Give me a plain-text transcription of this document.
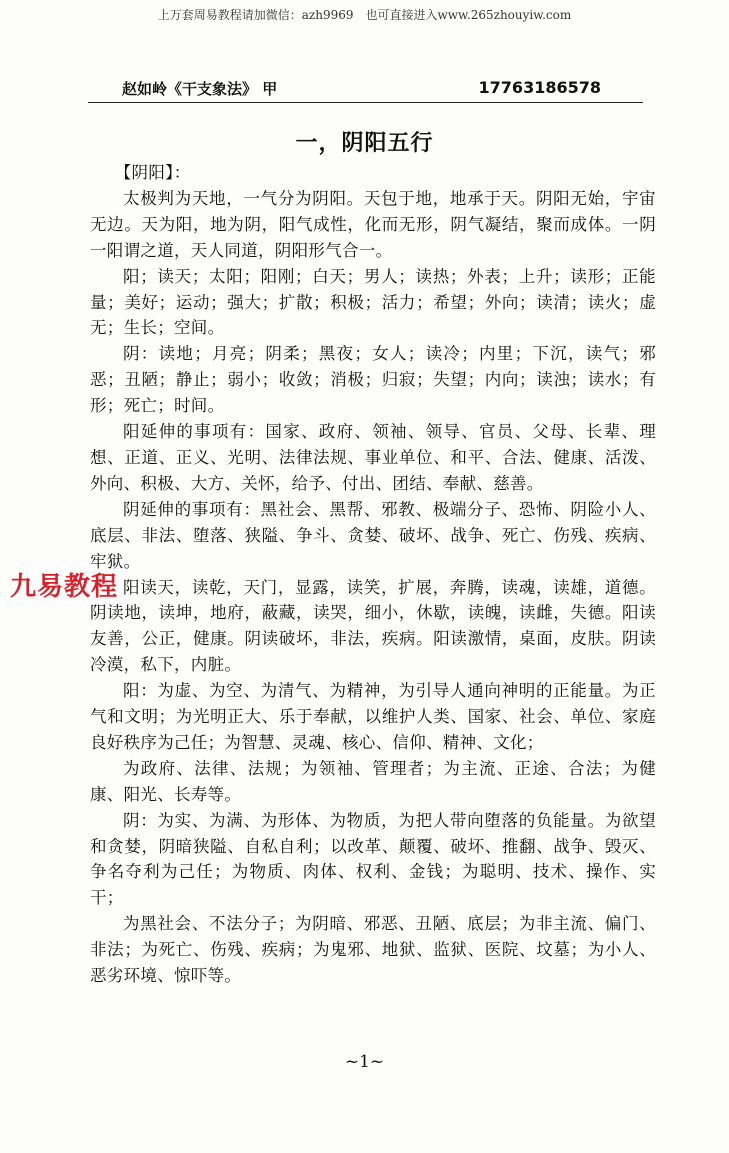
上万套周易教程请加微信：azh9969　也可直接进入www.265zhouyiw.com
赵如岭《干支象法》 甲	17763186578
一，阴阳五行

【阴阳】：

太极判为天地，一气分为阴阳。天包于地，地承于天。阴阳无始，宇宙无边。天为阳，地为阴，阳气成性，化而无形，阴气凝结，聚而成体。一阴一阳谓之道，天人同道，阴阳形气合一。

阳；读天；太阳；阳刚；白天；男人；读热；外表；上升；读形；正能量；美好；运动；强大；扩散；积极；活力；希望；外向；读清；读火；虚无；生长；空间。

阴：读地；月亮；阴柔；黑夜；女人；读冷；内里；下沉，读气；邪恶；丑陋；静止；弱小；收敛；消极；归寂；失望；内向；读浊；读水；有形；死亡；时间。

阳延伸的事项有：国家、政府、领袖、领导、官员、父母、长辈、理想、正道、正义、光明、法律法规、事业单位、和平、合法、健康、活泼、外向、积极、大方、关怀，给予、付出、团结、奉献、慈善。

阴延伸的事项有：黑社会、黑帮、邪教、极端分子、恐怖、阴险小人、底层、非法、堕落、狭隘、争斗、贪婪、破坏、战争、死亡、伤残、疾病、牢狱。

阳读天，读乾，天门，显露，读笑，扩展，奔腾，读魂，读雄，道德。阴读地，读坤，地府，蔽藏，读哭，细小，休歇，读魄，读雌，失德。阳读友善，公正，健康。阴读破坏，非法，疾病。阳读激情，桌面，皮肤。阴读冷漠，私下，内脏。

阳：为虚、为空、为清气、为精神，为引导人通向神明的正能量。为正气和文明；为光明正大、乐于奉献，以维护人类、国家、社会、单位、家庭良好秩序为己任；为智慧、灵魂、核心、信仰、精神、文化；

为政府、法律、法规；为领袖、管理者；为主流、正途、合法；为健康、阳光、长寿等。

阴：为实、为满、为形体、为物质，为把人带向堕落的负能量。为欲望和贪婪，阴暗狭隘、自私自利；以改革、颠覆、破坏、推翻、战争、毁灭、争名夺利为己任；为物质、肉体、权利、金钱；为聪明、技术、操作、实干；

为黑社会、不法分子；为阴暗、邪恶、丑陋、底层；为非主流、偏门、非法；为死亡、伤残、疾病；为鬼邪、地狱、监狱、医院、坟墓；为小人、恶劣环境、惊吓等。

九易教程
~1~
